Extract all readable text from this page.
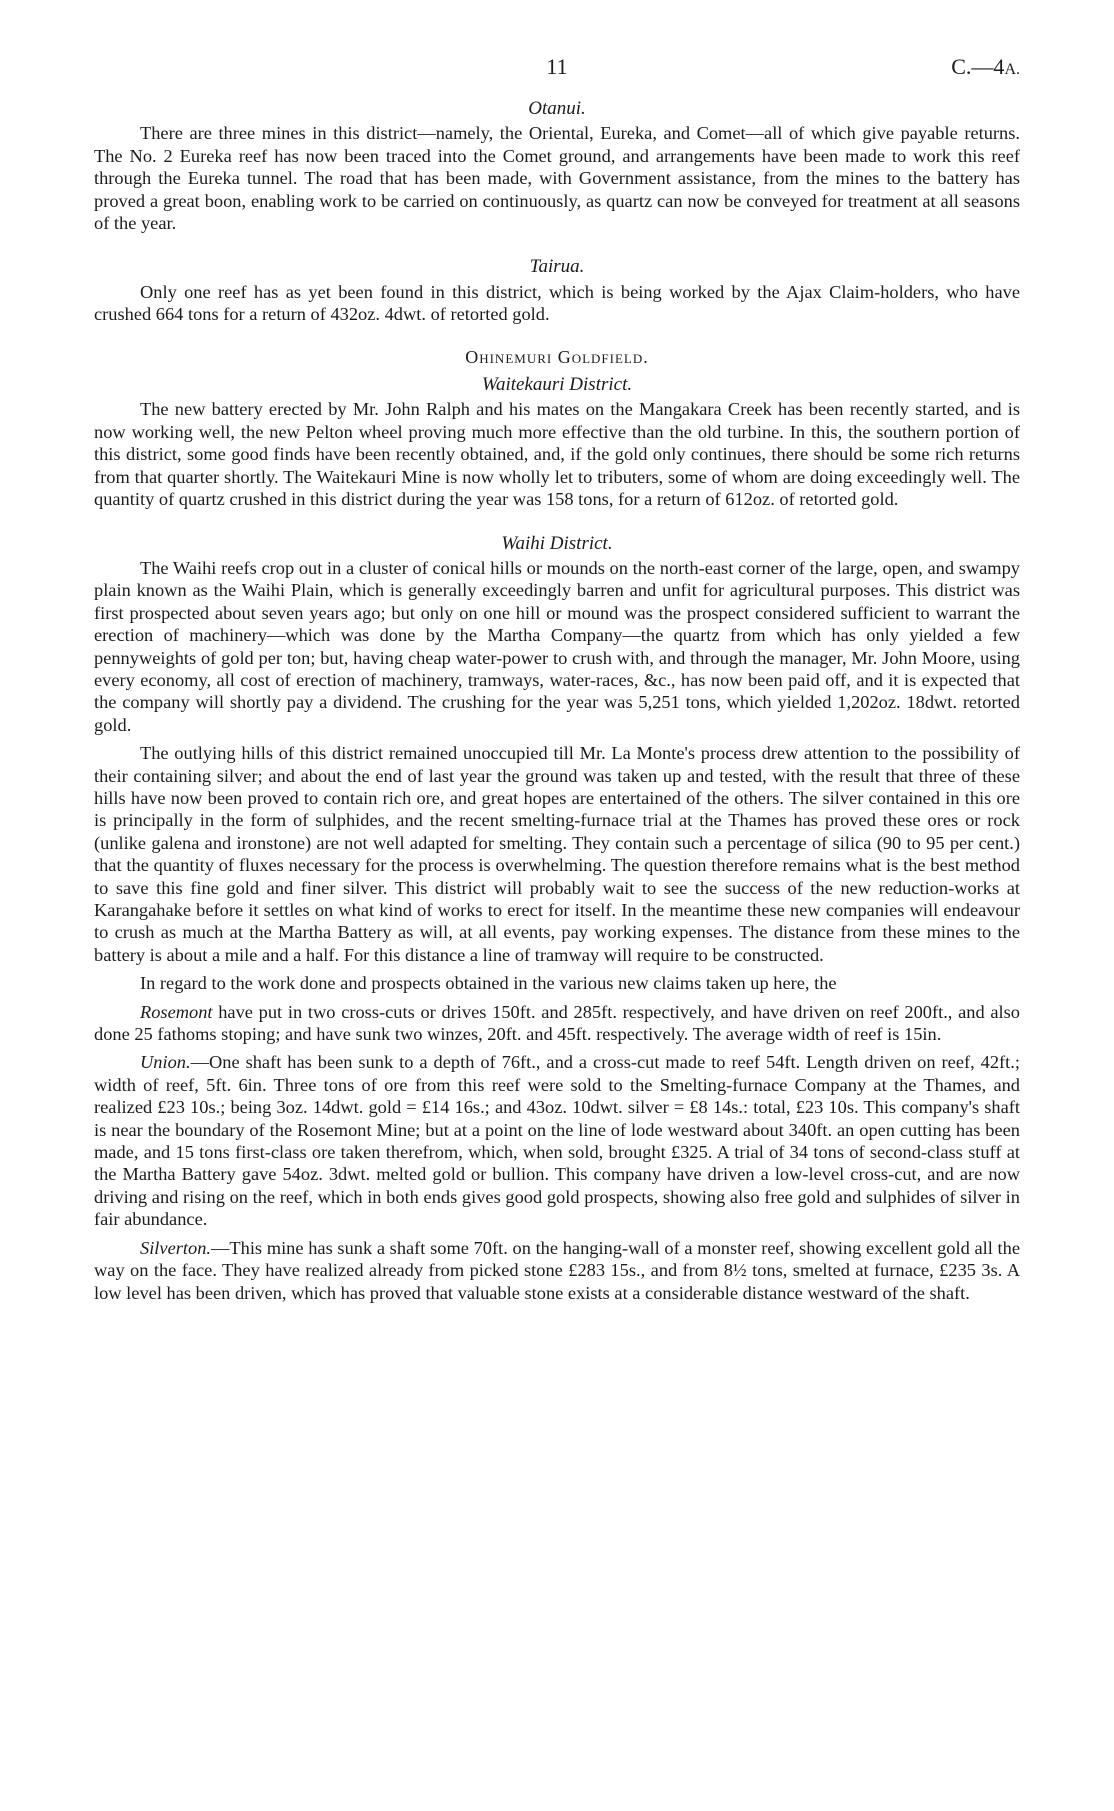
11	C.—4A.
Otanui.

There are three mines in this district—namely, the Oriental, Eureka, and Comet—all of which give payable returns. The No. 2 Eureka reef has now been traced into the Comet ground, and arrangements have been made to work this reef through the Eureka tunnel. The road that has been made, with Government assistance, from the mines to the battery has proved a great boon, enabling work to be carried on continuously, as quartz can now be conveyed for treatment at all seasons of the year.

Tairua.

Only one reef has as yet been found in this district, which is being worked by the Ajax Claim-holders, who have crushed 664 tons for a return of 432oz. 4dwt. of retorted gold.

Ohinemuri Goldfield.
Waitekauri District.

The new battery erected by Mr. John Ralph and his mates on the Mangakara Creek has been recently started, and is now working well, the new Pelton wheel proving much more effective than the old turbine. In this, the southern portion of this district, some good finds have been recently obtained, and, if the gold only continues, there should be some rich returns from that quarter shortly. The Waitekauri Mine is now wholly let to tributers, some of whom are doing exceedingly well. The quantity of quartz crushed in this district during the year was 158 tons, for a return of 612oz. of retorted gold.

Waihi District.

The Waihi reefs crop out in a cluster of conical hills or mounds on the north-east corner of the large, open, and swampy plain known as the Waihi Plain, which is generally exceedingly barren and unfit for agricultural purposes. This district was first prospected about seven years ago; but only on one hill or mound was the prospect considered sufficient to warrant the erection of machinery—which was done by the Martha Company—the quartz from which has only yielded a few pennyweights of gold per ton; but, having cheap water-power to crush with, and through the manager, Mr. John Moore, using every economy, all cost of erection of machinery, tramways, water-races, &c., has now been paid off, and it is expected that the company will shortly pay a dividend. The crushing for the year was 5,251 tons, which yielded 1,202oz. 18dwt. retorted gold.

The outlying hills of this district remained unoccupied till Mr. La Monte's process drew attention to the possibility of their containing silver; and about the end of last year the ground was taken up and tested, with the result that three of these hills have now been proved to contain rich ore, and great hopes are entertained of the others. The silver contained in this ore is principally in the form of sulphides, and the recent smelting-furnace trial at the Thames has proved these ores or rock (unlike galena and ironstone) are not well adapted for smelting. They contain such a percentage of silica (90 to 95 per cent.) that the quantity of fluxes necessary for the process is overwhelming. The question therefore remains what is the best method to save this fine gold and finer silver. This district will probably wait to see the success of the new reduction-works at Karangahake before it settles on what kind of works to erect for itself. In the meantime these new companies will endeavour to crush as much at the Martha Battery as will, at all events, pay working expenses. The distance from these mines to the battery is about a mile and a half. For this distance a line of tramway will require to be constructed.

In regard to the work done and prospects obtained in the various new claims taken up here, the

Rosemont have put in two cross-cuts or drives 150ft. and 285ft. respectively, and have driven on reef 200ft., and also done 25 fathoms stoping; and have sunk two winzes, 20ft. and 45ft. respectively. The average width of reef is 15in.

Union.—One shaft has been sunk to a depth of 76ft., and a cross-cut made to reef 54ft. Length driven on reef, 42ft.; width of reef, 5ft. 6in. Three tons of ore from this reef were sold to the Smelting-furnace Company at the Thames, and realized £23 10s.; being 3oz. 14dwt. gold = £14 16s.; and 43oz. 10dwt. silver = £8 14s.: total, £23 10s. This company's shaft is near the boundary of the Rosemont Mine; but at a point on the line of lode westward about 340ft. an open cutting has been made, and 15 tons first-class ore taken therefrom, which, when sold, brought £325. A trial of 34 tons of second-class stuff at the Martha Battery gave 54oz. 3dwt. melted gold or bullion. This company have driven a low-level cross-cut, and are now driving and rising on the reef, which in both ends gives good gold prospects, showing also free gold and sulphides of silver in fair abundance.

Silverton.—This mine has sunk a shaft some 70ft. on the hanging-wall of a monster reef, showing excellent gold all the way on the face. They have realized already from picked stone £283 15s., and from 8½ tons, smelted at furnace, £235 3s. A low level has been driven, which has proved that valuable stone exists at a considerable distance westward of the shaft.
